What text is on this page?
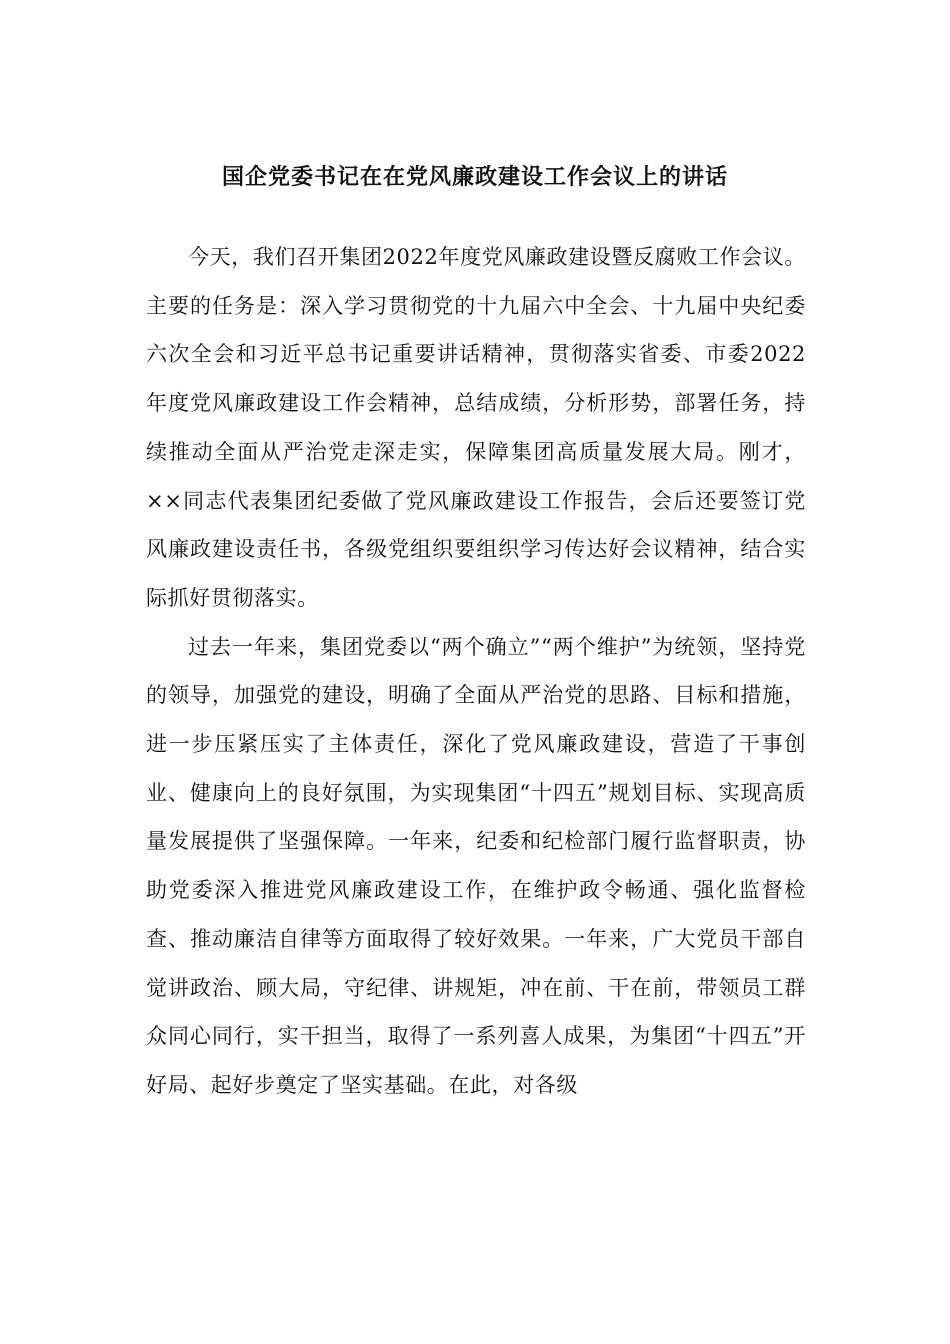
国企党委书记在在党风廉政建设工作会议上的讲话

今天，我们召开集团2022年度党风廉政建设暨反腐败工作会议。主要的任务是：深入学习贯彻党的十九届六中全会、十九届中央纪委六次全会和习近平总书记重要讲话精神，贯彻落实省委、市委2022年度党风廉政建设工作会精神，总结成绩，分析形势，部署任务，持续推动全面从严治党走深走实，保障集团高质量发展大局。刚才，××同志代表集团纪委做了党风廉政建设工作报告，会后还要签订党风廉政建设责任书，各级党组织要组织学习传达好会议精神，结合实际抓好贯彻落实。

过去一年来，集团党委以“两个确立”“两个维护”为统领，坚持党的领导，加强党的建设，明确了全面从严治党的思路、目标和措施，进一步压紧压实了主体责任，深化了党风廉政建设，营造了干事创业、健康向上的良好氛围，为实现集团“十四五”规划目标、实现高质量发展提供了坚强保障。一年来，纪委和纪检部门履行监督职责，协助党委深入推进党风廉政建设工作，在维护政令畅通、强化监督检查、推动廉洁自律等方面取得了较好效果。一年来，广大党员干部自觉讲政治、顾大局，守纪律、讲规矩，冲在前、干在前，带领员工群众同心同行，实干担当，取得了一系列喜人成果，为集团“十四五”开好局、起好步奠定了坚实基础。在此，对各级
